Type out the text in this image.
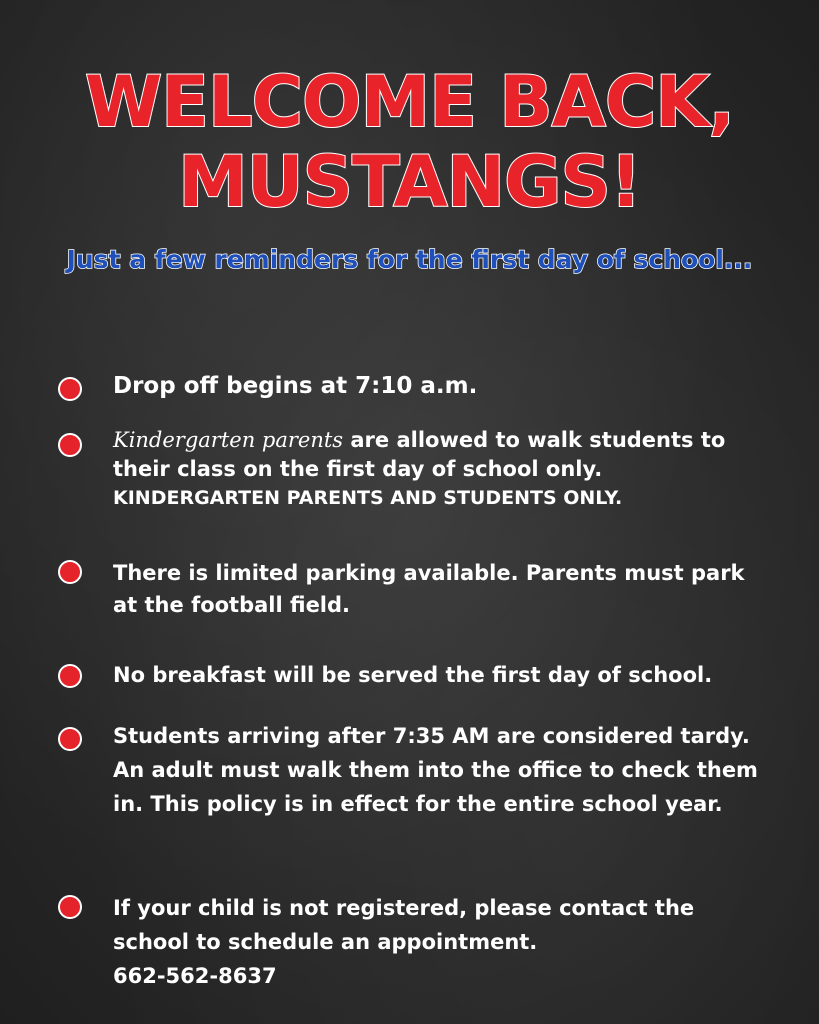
WELCOME BACK,
MUSTANGS!
Just a few reminders for the first day of school...
Drop off begins at 7:10 a.m.
Kindergarten parents are allowed to walk students to their class on the first day of school only.
KINDERGARTEN PARENTS AND STUDENTS ONLY.
There is limited parking available. Parents must park at the football field.
No breakfast will be served the first day of school.
Students arriving after 7:35 AM are considered tardy. An adult must walk them into the office to check them in. This policy is in effect for the entire school year.
If your child is not registered, please contact the school to schedule an appointment.
662-562-8637
